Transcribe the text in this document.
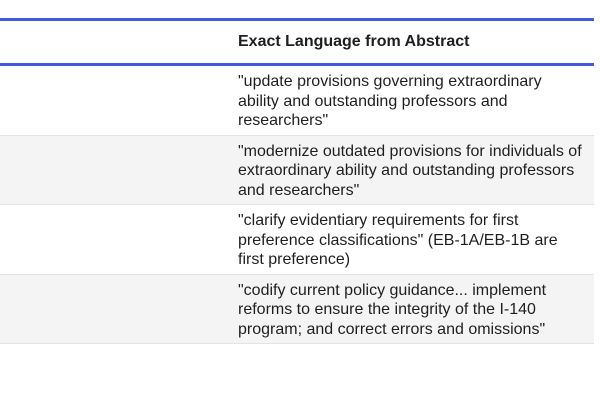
	Exact Language from Abstract
	"update provisions governing extraordinary ability and outstanding professors and researchers"
	"modernize outdated provisions for individuals of extraordinary ability and outstanding professors and researchers"
	"clarify evidentiary requirements for first preference classifications" (EB-1A/EB-1B are first preference)
	"codify current policy guidance... implement reforms to ensure the integrity of the I-140 program; and correct errors and omissions"
